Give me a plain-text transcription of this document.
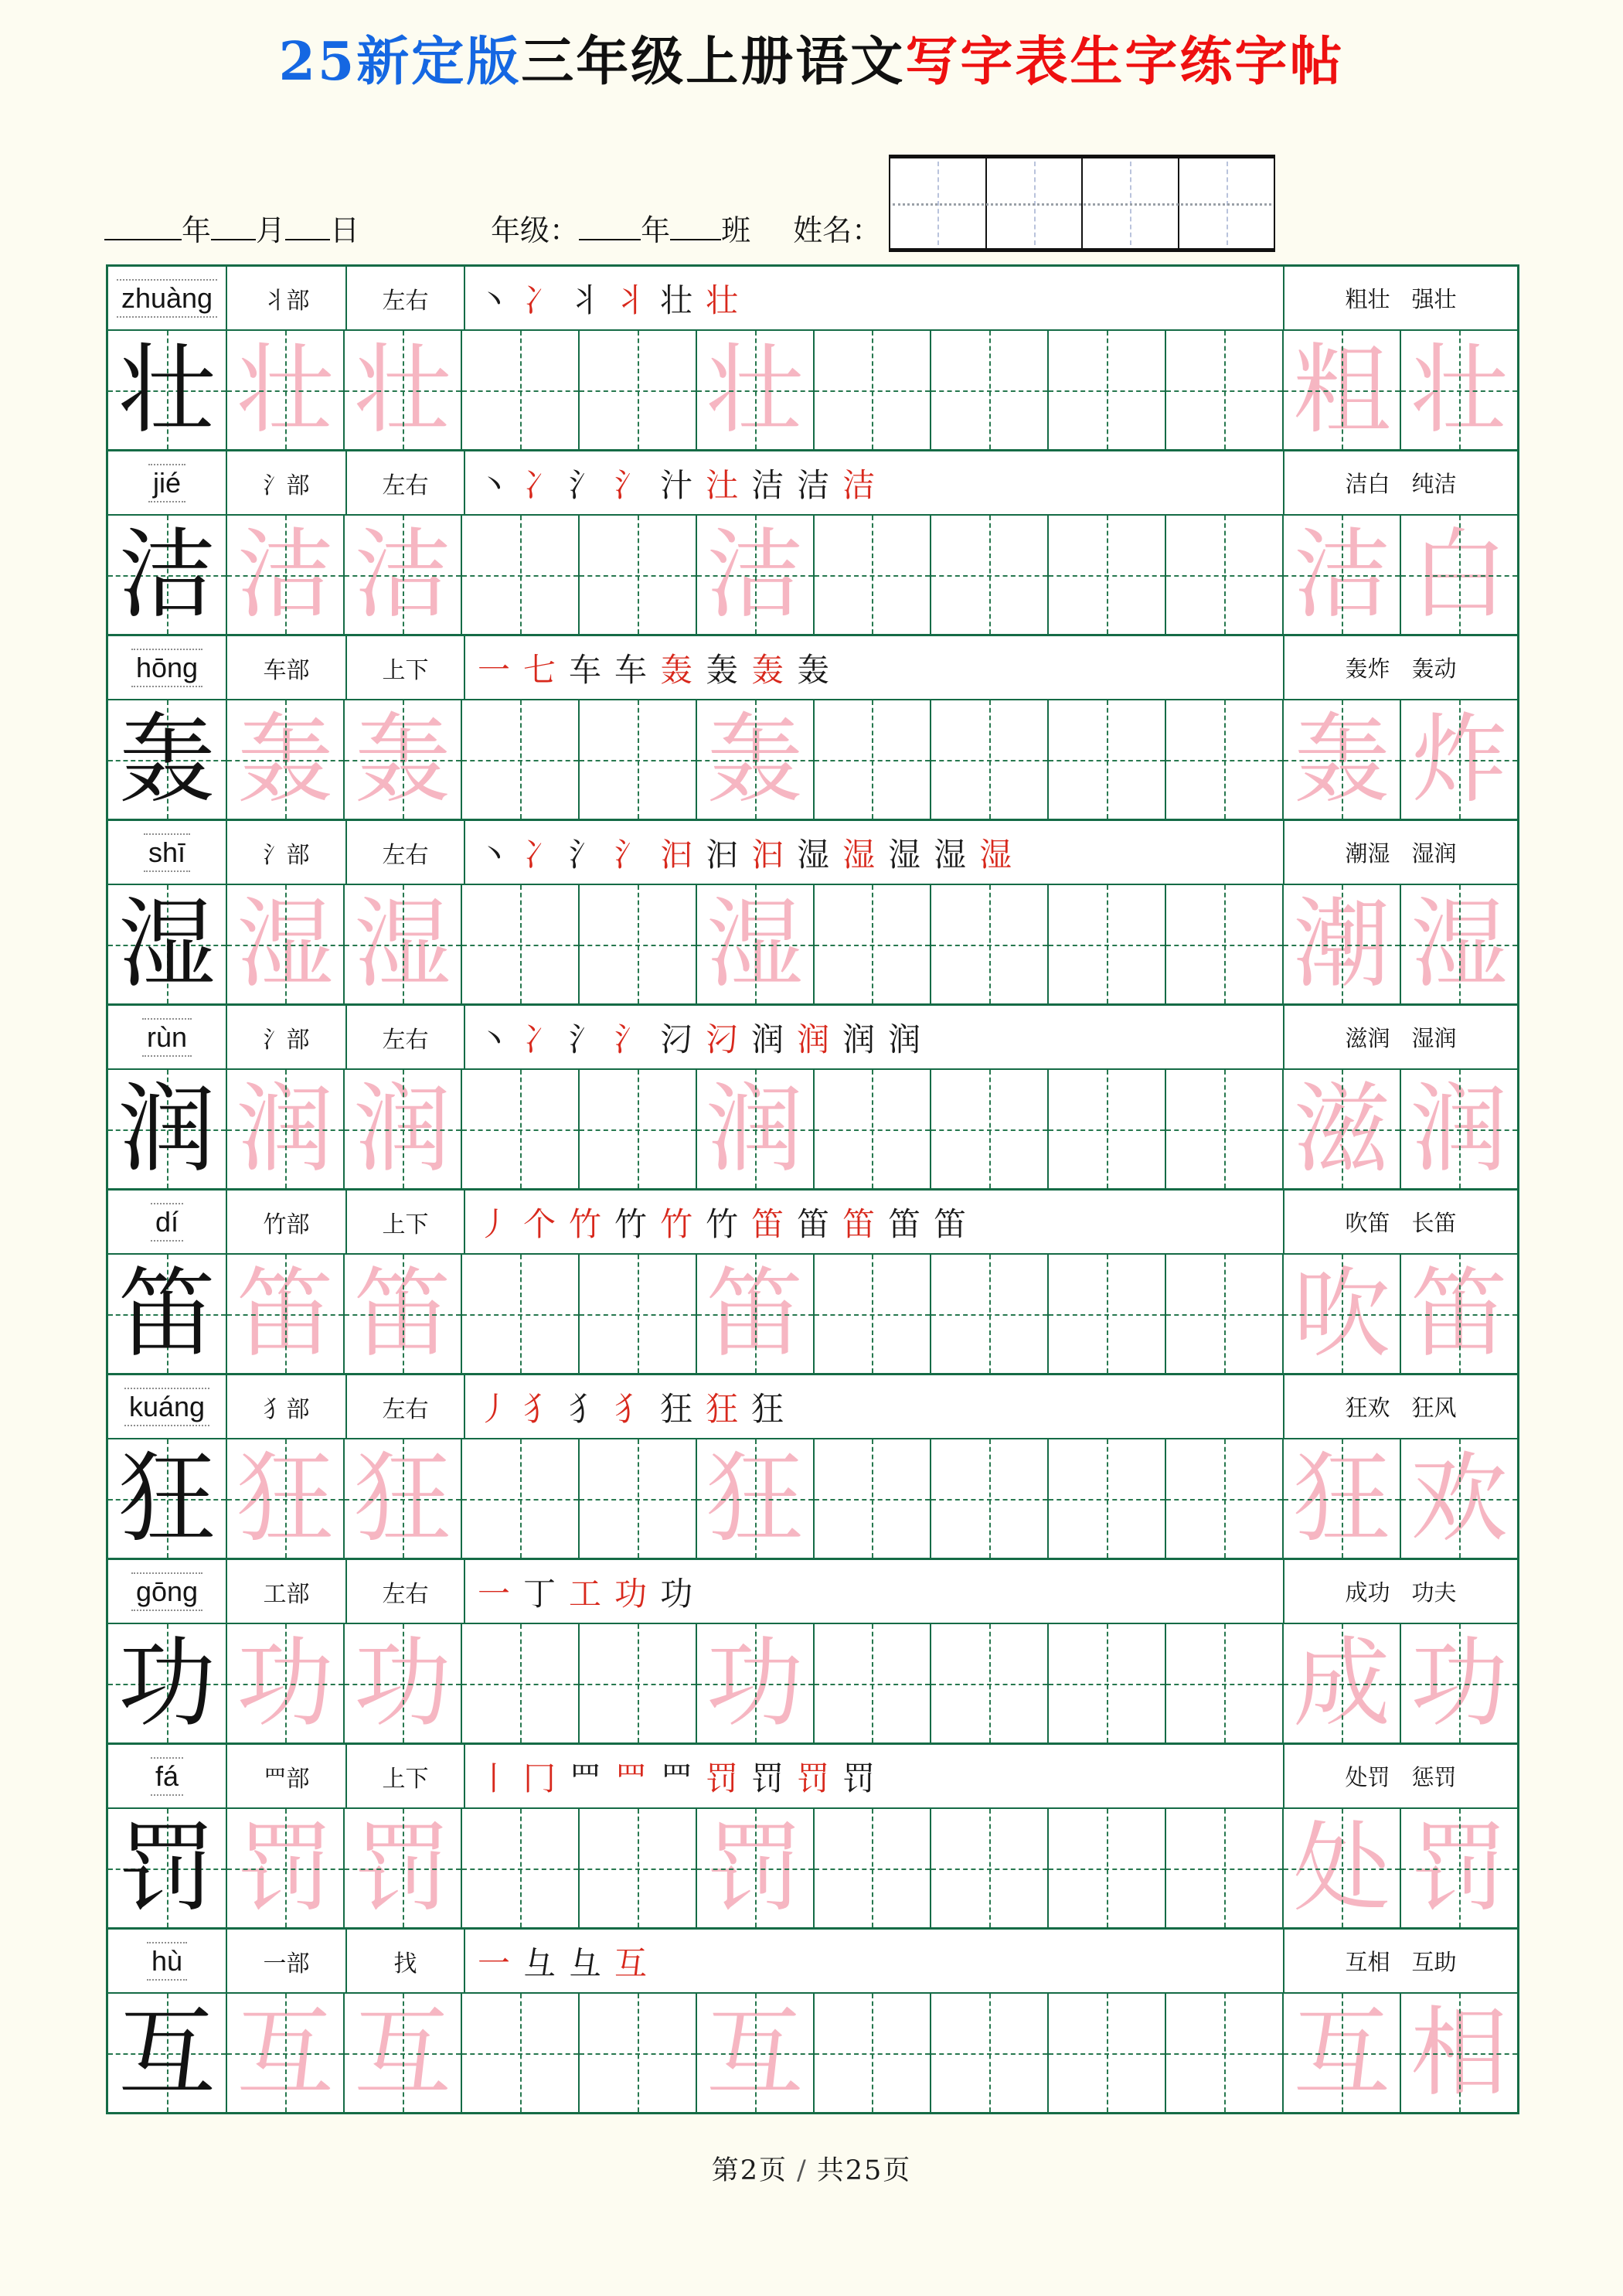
25新定版三年级上册语文写字表生字练字帖
年 月 日	年级： 年 班 姓名：
zhuàng 丬部	左右 丶 冫 丬 丬 壮 壮	粗壮 强壮
壮 壮 壮	壮	粗 壮
jié	氵部	左右 丶 冫 氵 氵 汁 汢 洁 洁 洁	洁白 纯洁
洁 洁 洁	洁	洁 白
hōng	车部	上下 一 七 车 车 轰 轰 轰 轰	轰炸 轰动
轰 轰 轰	轰	轰 炸
shī	氵部	左右 丶 冫 氵 氵 汩 汩 汩 湿 湿 湿 湿 湿	潮湿 湿润
湿 湿 湿	湿	潮 湿
rùn	氵部	左右 丶 冫 氵 氵 汈 汈 润 润 润 润	滋润 湿润
润 润 润	润	滋 润
dí	竹部	上下 丿 个 竹 竹 竹 竹 笛 笛 笛 笛 笛	吹笛 长笛
笛 笛 笛	笛	吹 笛
kuáng	犭部	左右 丿 犭 犭 犭 狂 狂 狂	狂欢 狂风
狂 狂 狂	狂	狂 欢
gōng	工部	左右 一 丁 工 功 功	成功 功夫
功 功 功	功	成 功
fá	罒部	上下 丨 冂 罒 罒 罒 罚 罚 罚 罚	处罚 惩罚
罚 罚 罚	罚	处 罚
hù	一部	找 一 彑 彑 互	互相 互助
互 互 互	互	互 相
第2页 / 共25页
